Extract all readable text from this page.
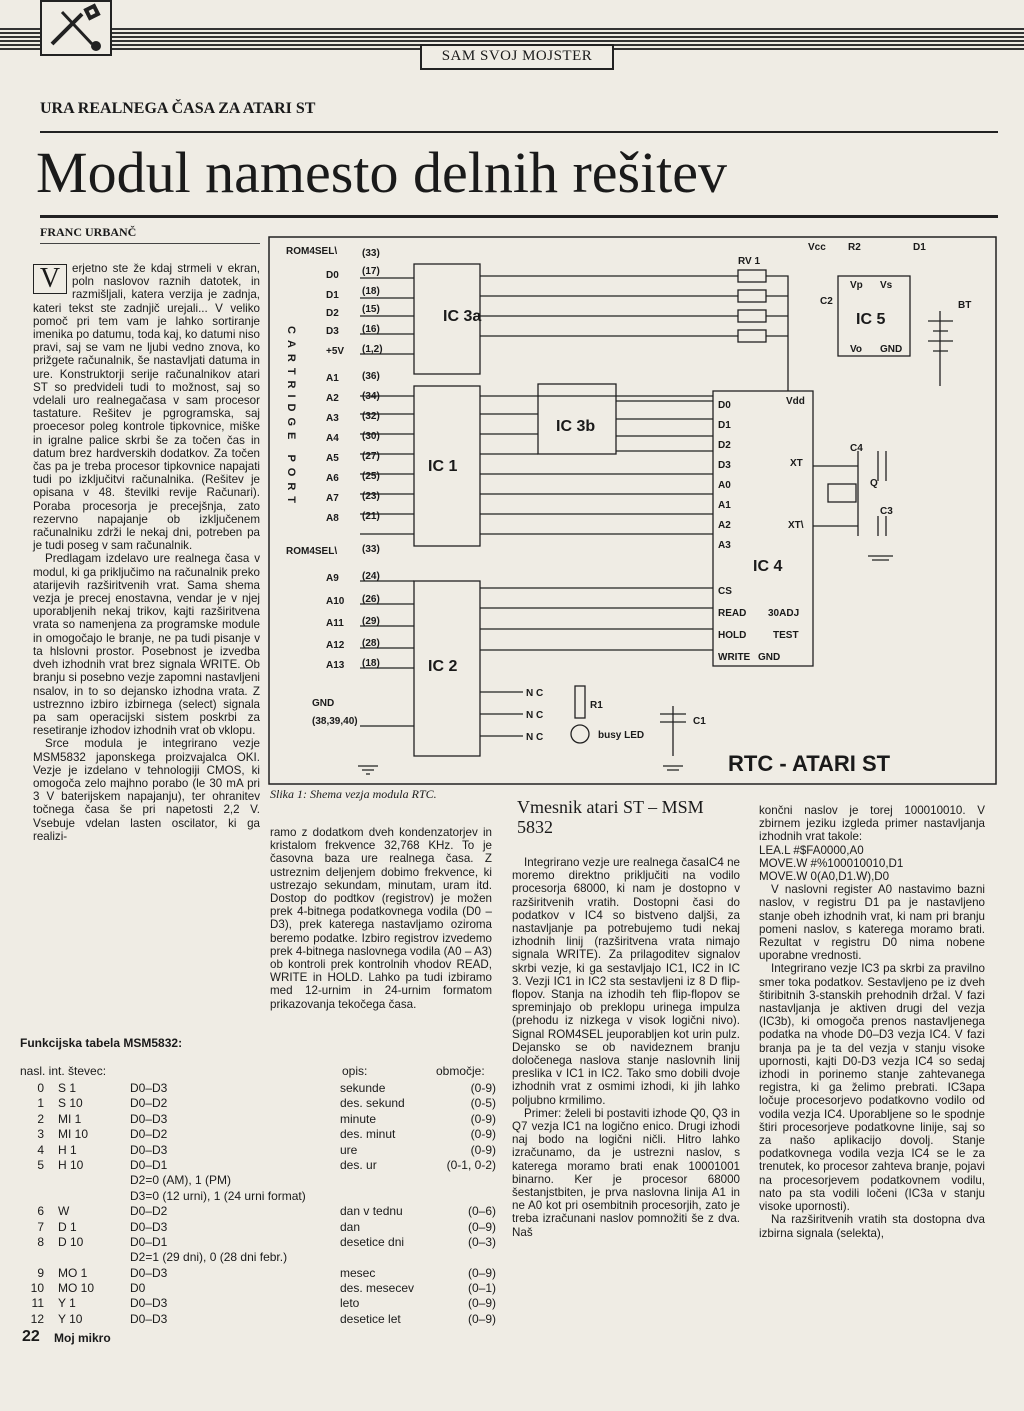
SAM SVOJ MOJSTER
URA REALNEGA ČASA ZA ATARI ST
Modul namesto delnih rešitev
FRANC URBANČ
V	erjetno ste že kdaj strmeli v ekran, poln naslovov raznih datotek, in razmišljali, katera verzija je zadnja, kateri tekst ste zadnjič urejali... V veliko pomoč pri tem vam je lahko sortiranje imenika po datumu, toda kaj, ko datumi niso pravi, saj se vam ne ljubi vedno znova, ko prižgete računalnik, še nastavljati datuma in ure. Konstruktorji serije računalnikov atari ST so predvideli tudi to možnost, saj so vdelali uro realnegačasa v sam procesor tastature. Rešitev je pgrogramska, saj proecesor poleg kontrole tipkovnice, miške in igralne palice skrbi še za točen čas in datum brez hardverskih dodatkov. Za točen čas pa je treba procesor tipkovnice napajati tudi po izključitvi računalnika. (Rešitev je opisana v 48. številki revije Računari). Poraba procesorja je precejšnja, zato rezervno napajanje ob izključenem računalniku zdrži le nekaj dni, potreben pa je tudi poseg v sam računalnik.

Predlagam izdelavo ure realnega časa v modul, ki ga priključimo na računalnik preko atarijevih razširitvenih vrat. Sama shema vezja je precej enostavna, vendar je v njej uporabljenih nekaj trikov, kajti razširitvena vrata so namenjena za programske module in omogočajo le branje, ne pa tudi pisanje v ta hlslovni prostor. Posebnost je izvedba dveh izhodnih vrat brez signala WRITE. Ob branju si posebno vezje zapomni nastavljeni nsalov, in to so dejansko izhodna vrata. Z ustreznno izbiro izbirnega (select) signala pa sam operacijski sistem poskrbi za resetiranje izhodov izhodnih vrat ob vklopu.

Srce modula je integrirano vezje MSM5832 japonskega proizvajalca OKI. Vezje je izdelano v tehnologiji CMOS, ki omogoča zelo majhno porabo (le 30 mA pri 3 V baterijskem napajanju), ter ohranitev točnega časa še pri napetosti 2,2 V. Vsebuje vdelan lasten oscilator, ki ga realizi-

CARTRIDGE PORT
IC 3a
IC 3b
IC 1
IC 2
IC 4
IC 5
RTC - ATARI ST
ROM4SEL\
D0
D1
D2
D3
+5V
A1
A2
A3
A4
A5
A6
A7
A8
ROM4SEL\
A9
A10
A11
A12
A13
GND
(38,39,40)
(33)
(17)
(18)
(15)
(16)
(1,2)
(36)
(34)
(32)
(30)
(27)
(25)
(23)
(21)
(33)
(24)
(26)
(29)
(28)
(18)
D0
D1
D2
D3
A0
A1
A2
A3
CS
READ
HOLD
WRITE
Vdd
XT
XT\
30ADJ
TEST
GND
RV 1
Vcc R2	D1
C2
Vp Vs
Vo GND
BT
C4
Q
C3
R1
busy LED
C1
N C
N C
N C
Slika 1: Shema vezja modula RTC.

ramo z dodatkom dveh kondenzatorjev in kristalom frekvence 32,768 KHz. To je časovna baza ure realnega časa. Z ustreznim deljenjem dobimo frekvence, ki ustrezajo sekundam, minutam, uram itd. Dostop do podtkov (registrov) je možen prek 4-bitnega podatkovnega vodila (D0 – D3), prek katerega nastavljamo oziroma beremo podatke. Izbiro registrov izvedemo prek 4-bitnega naslovnega vodila (A0 – A3) ob kontroli prek kontrolnih vhodov READ, WRITE in HOLD. Lahko pa tudi izbiramo med 12-urnim in 24-urnim formatom prikazovanja tekočega časa.

Vmesnik atari ST – MSM 5832

Integrirano vezje ure realnega časaIC4 ne moremo direktno priključiti na vodilo procesorja 68000, ki nam je dostopno v razširitvenih vratih. Dostopni časi do podatkov v IC4 so bistveno daljši, za nastavljanje pa potrebujemo tudi nekaj izhodnih linij (razširitvena vrata nimajo signala WRITE). Za prilagoditev signalov skrbi vezje, ki ga sestavljajo IC1, IC2 in IC 3. Vezji IC1 in IC2 sta sestavljeni iz 8 D flip-flopov. Stanja na izhodih teh flip-flopov se spreminjajo ob preklopu urinega impulza (prehodu iz nizkega v visok logični nivo). Signal ROM4SEL jeuporabljen kot urin pulz. Dejansko se ob navideznem branju določenega naslova stanje naslovnih linij preslika v IC1 in IC2. Tako smo dobili dvoje izhodnih vrat z osmimi izhodi, ki jih lahko poljubno krmilimo.

Primer: želeli bi postaviti izhode Q0, Q3 in Q7 vezja IC1 na logično enico. Drugi izhodi naj bodo na logični ničli. Hitro lahko izračunamo, da je ustrezni naslov, s katerega moramo brati enak 10001001 binarno. Ker je procesor 68000 šestanjstbiten, je prva naslovna linija A1 in ne A0 kot pri osembitnih procesorjih, zato je treba izračunani naslov pomnožiti še z dva. Naš

končni naslov je torej 100010010. V zbirnem jeziku izgleda primer nastavljanja izhodnih vrat takole:

LEA.L #$FA0000,A0

MOVE.W #%100010010,D1

MOVE.W 0(A0,D1.W),D0

V naslovni register A0 nastavimo bazni naslov, v registru D1 pa je nastavljeno stanje obeh izhodnih vrat, ki nam pri branju pomeni naslov, s katerega moramo brati. Rezultat v registru D0 nima nobene uporabne vrednosti.

Integrirano vezje IC3 pa skrbi za pravilno smer toka podatkov. Sestavljeno pe iz dveh štiribitnih 3-stanskih prehodnih držal. V fazi nastavljanja je aktiven drugi del vezja (IC3b), ki omogoča prenos nastavljenega podatka na vhode D0–D3 vezja IC4. V fazi branja pa je ta del vezja v stanju visoke upornosti, kajti D0-D3 vezja IC4 so sedaj izhodi in porinemo stanje zahtevanega registra, ki ga želimo prebrati. IC3apa ločuje procesorjevo podatkovno vodilo od vodila vezja IC4. Uporabljene so le spodnje štiri procesorjeve podatkovne linije, saj so za našo aplikacijo dovolj. Stanje podatkovnega vodila vezja IC4 se le za trenutek, ko procesor zahteva branje, pojavi na procesorjevem podatkovnem vodilu, nato pa sta vodili ločeni (IC3a v stanju visoke upornosti).

Na razširitvenih vratih sta dostopna dva izbirna signala (selekta),

Funkcijska tabela MSM5832:
nasl. int. števec:	opis:	območje:
0	S 1	D0–D3	sekunde	(0-9)
1	S 10	D0–D2	des. sekund	(0-5)
2	MI 1	D0–D3	minute	(0-9)
3	MI 10	D0–D2	des. minut	(0-9)
4	H 1	D0–D3	ure	(0-9)
5	H 10	D0–D1	des. ur	(0-1, 0-2)
		D2=0 (AM), 1 (PM)		
		D3=0 (12 urni), 1 (24 urni format)		
6	W	D0–D2	dan v tednu	(0–6)
7	D 1	D0–D3	dan	(0–9)
8	D 10	D0–D1	desetice dni	(0–3)
		D2=1 (29 dni), 0 (28 dni febr.)		
9	MO 1	D0–D3	mesec	(0–9)
10	MO 10	D0	des. mesecev	(0–1)
11	Y 1	D0–D3	leto	(0–9)
12	Y 10	D0–D3	desetice let	(0–9)
22 Moj mikro
